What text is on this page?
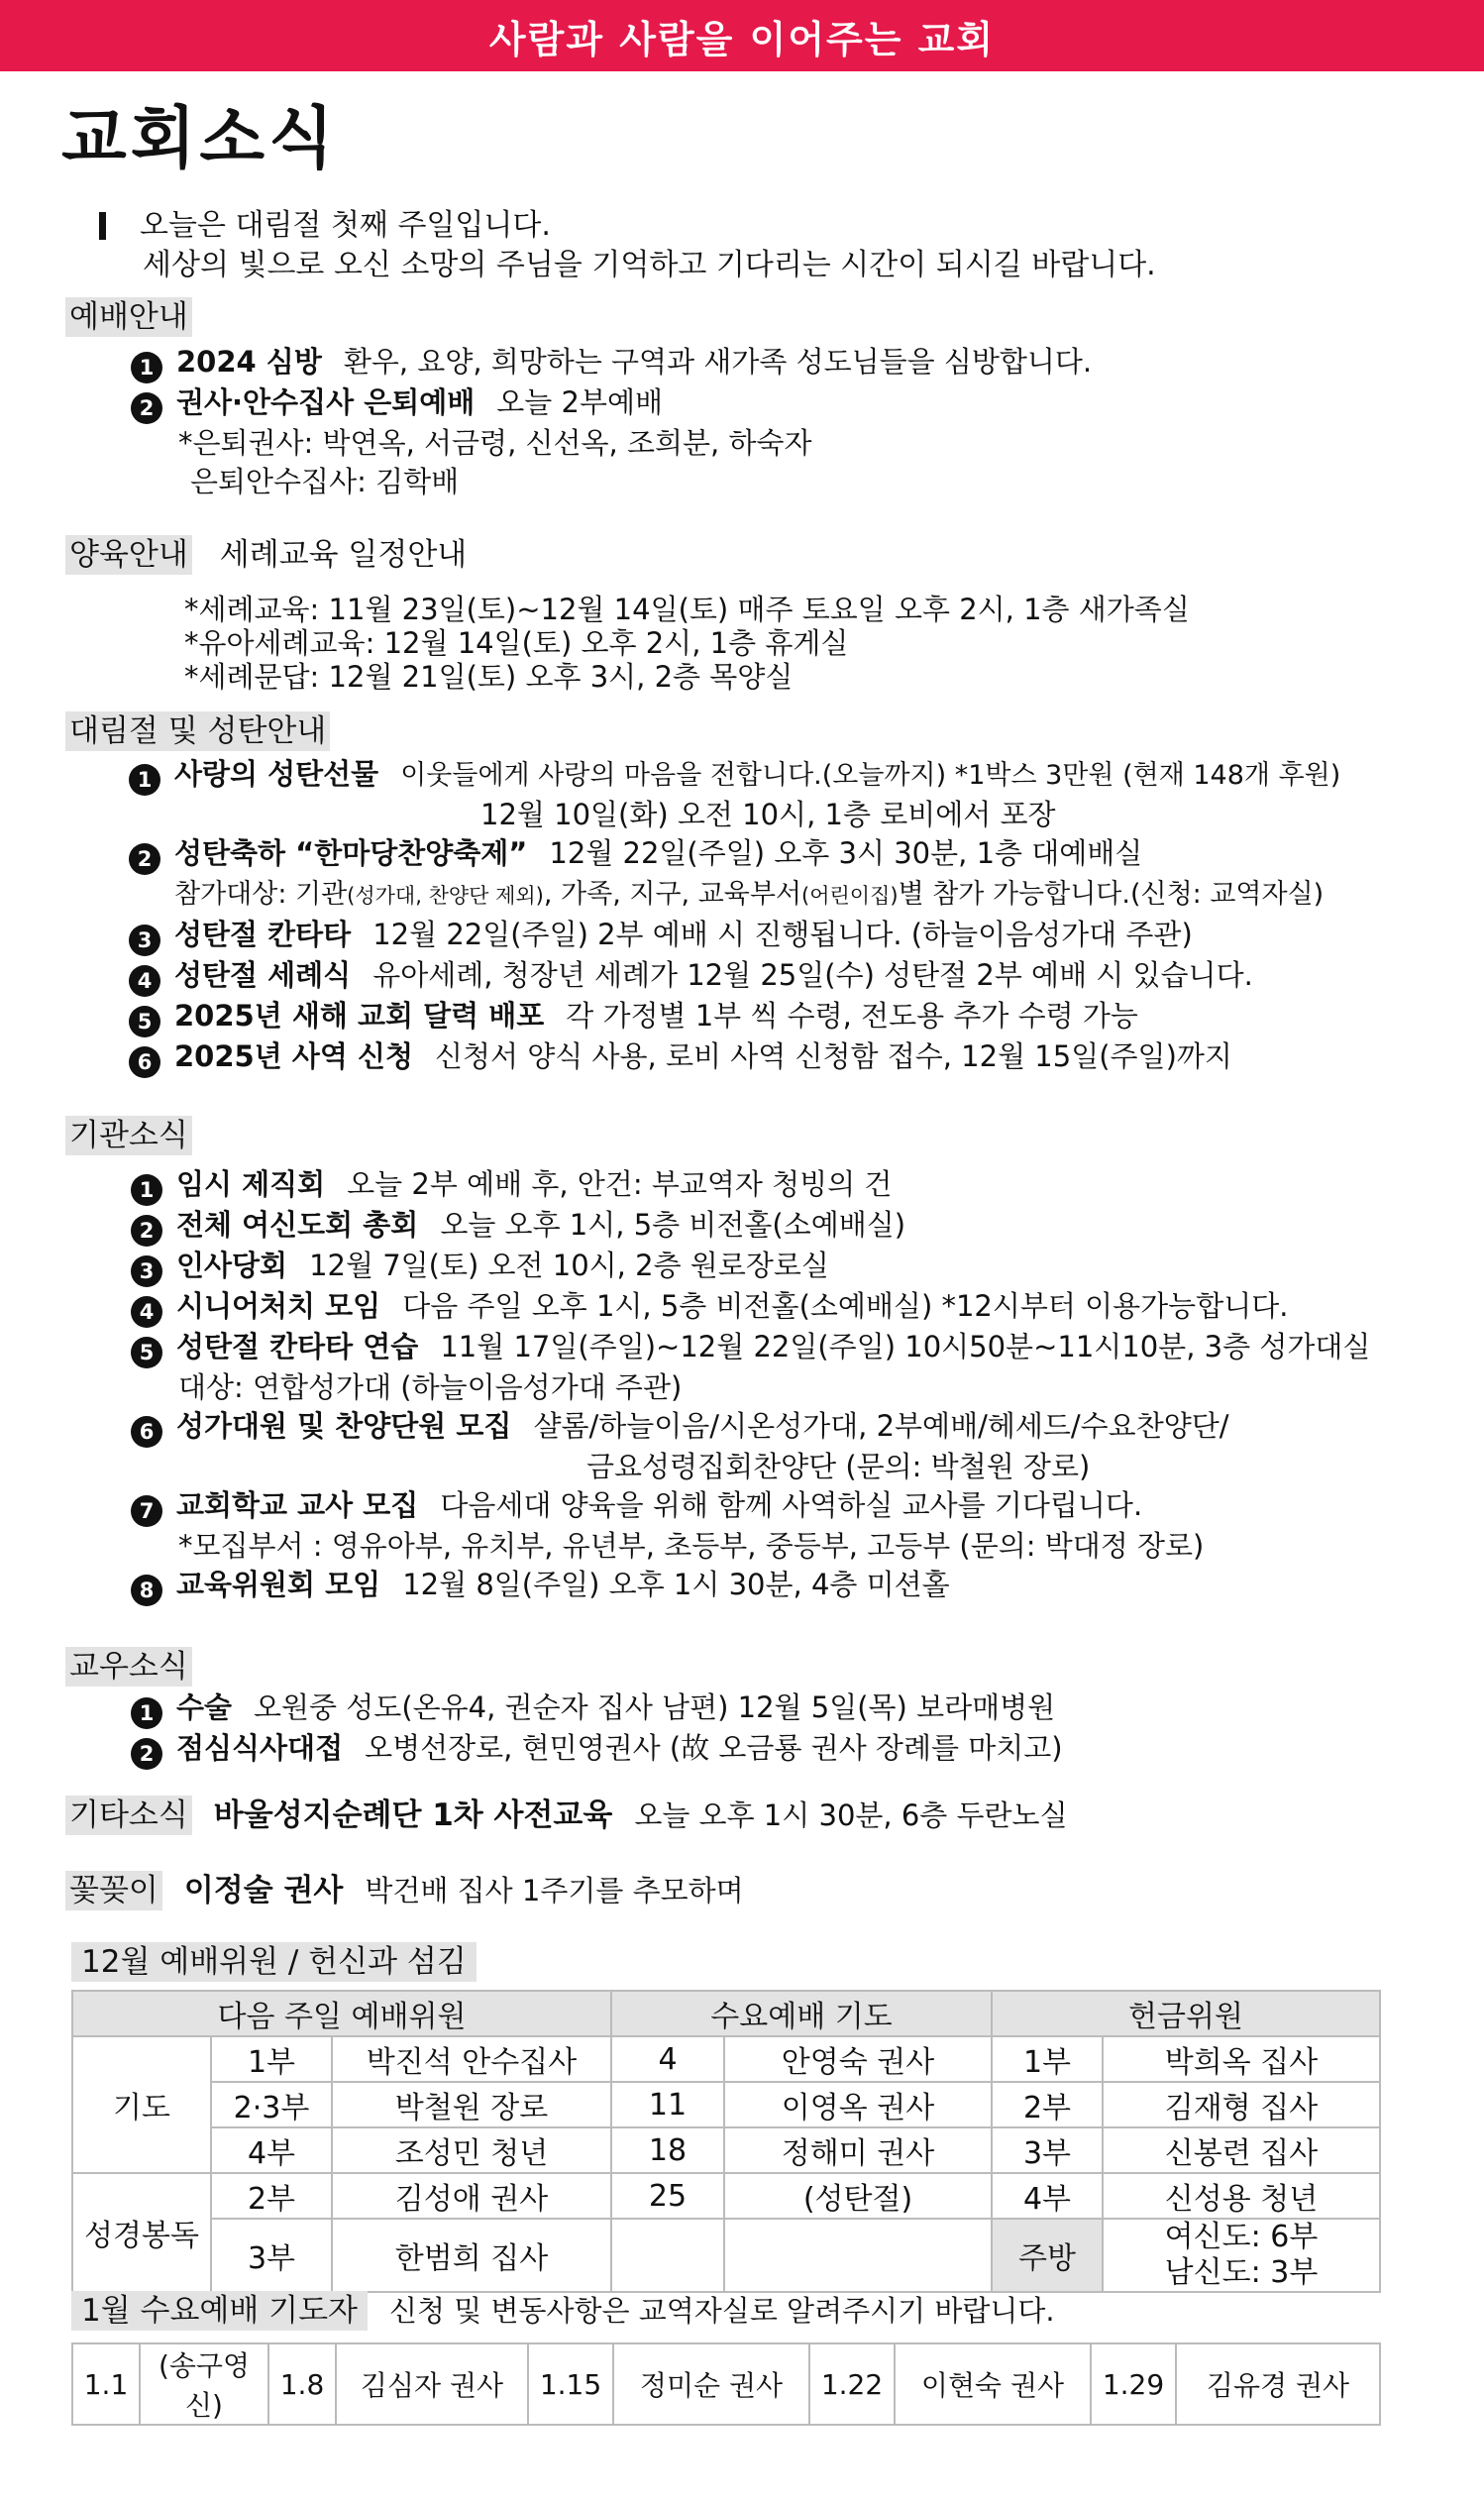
사람과 사람을 이어주는 교회
교회소식
오늘은 대림절 첫째 주일입니다.
세상의 빛으로 오신 소망의 주님을 기억하고 기다리는 시간이 되시길 바랍니다.
예배안내
1 2024 심방 환우, 요양, 희망하는 구역과 새가족 성도님들을 심방합니다.
2 권사·안수집사 은퇴예배 오늘 2부예배
*은퇴권사: 박연옥, 서금령, 신선옥, 조희분, 하숙자
은퇴안수집사: 김학배
양육안내 세례교육 일정안내
*세례교육: 11월 23일(토)~12월 14일(토) 매주 토요일 오후 2시, 1층 새가족실
*유아세례교육: 12월 14일(토) 오후 2시, 1층 휴게실
*세례문답: 12월 21일(토) 오후 3시, 2층 목양실
대림절 및 성탄안내
1 사랑의 성탄선물 이웃들에게 사랑의 마음을 전합니다.(오늘까지) *1박스 3만원 (현재 148개 후원)
12월 10일(화) 오전 10시, 1층 로비에서 포장
2 성탄축하 “한마당찬양축제” 12월 22일(주일) 오후 3시 30분, 1층 대예배실
참가대상: 기관(성가대, 찬양단 제외), 가족, 지구, 교육부서(어린이집)별 참가 가능합니다.(신청: 교역자실)
3 성탄절 칸타타 12월 22일(주일) 2부 예배 시 진행됩니다. (하늘이음성가대 주관)
4 성탄절 세례식 유아세례, 청장년 세례가 12월 25일(수) 성탄절 2부 예배 시 있습니다.
5 2025년 새해 교회 달력 배포 각 가정별 1부 씩 수령, 전도용 추가 수령 가능
6 2025년 사역 신청 신청서 양식 사용, 로비 사역 신청함 접수, 12월 15일(주일)까지
기관소식
1 임시 제직회 오늘 2부 예배 후, 안건: 부교역자 청빙의 건
2 전체 여신도회 총회 오늘 오후 1시, 5층 비전홀(소예배실)
3 인사당회 12월 7일(토) 오전 10시, 2층 원로장로실
4 시니어처치 모임 다음 주일 오후 1시, 5층 비전홀(소예배실) *12시부터 이용가능합니다.
5 성탄절 칸타타 연습 11월 17일(주일)~12월 22일(주일) 10시50분~11시10분, 3층 성가대실
대상: 연합성가대 (하늘이음성가대 주관)
6 성가대원 및 찬양단원 모집 샬롬/하늘이음/시온성가대, 2부예배/헤세드/수요찬양단/
금요성령집회찬양단 (문의: 박철원 장로)
7 교회학교 교사 모집 다음세대 양육을 위해 함께 사역하실 교사를 기다립니다.
*모집부서 : 영유아부, 유치부, 유년부, 초등부, 중등부, 고등부 (문의: 박대정 장로)
8 교육위원회 모임 12월 8일(주일) 오후 1시 30분, 4층 미션홀
교우소식
1 수술 오원중 성도(온유4, 권순자 집사 남편) 12월 5일(목) 보라매병원
2 점심식사대접 오병선장로, 현민영권사 (故 오금룡 권사 장례를 마치고)
기타소식 바울성지순례단 1차 사전교육 오늘 오후 1시 30분, 6층 두란노실
꽃꽂이 이정술 권사 박건배 집사 1주기를 추모하며
12월 예배위원 / 헌신과 섬김
다음 주일 예배위원			수요예배 기도		헌금위원	
기도	1부	박진석 안수집사	4	안영숙 권사	1부	박희옥 집사
	2·3부	박철원 장로	11	이영옥 권사	2부	김재형 집사
	4부	조성민 청년	18	정해미 권사	3부	신봉련 집사
성경봉독	2부	김성애 권사	25	(성탄절)	4부	신성용 청년
	3부	한범희 집사			주방	여신도: 6부
남신도: 3부
1월 수요예배 기도자 신청 및 변동사항은 교역자실로 알려주시기 바랍니다.
1.1	(송구영신)	1.8	김심자 권사	1.15	정미순 권사	1.22	이현숙 권사	1.29	김유경 권사
